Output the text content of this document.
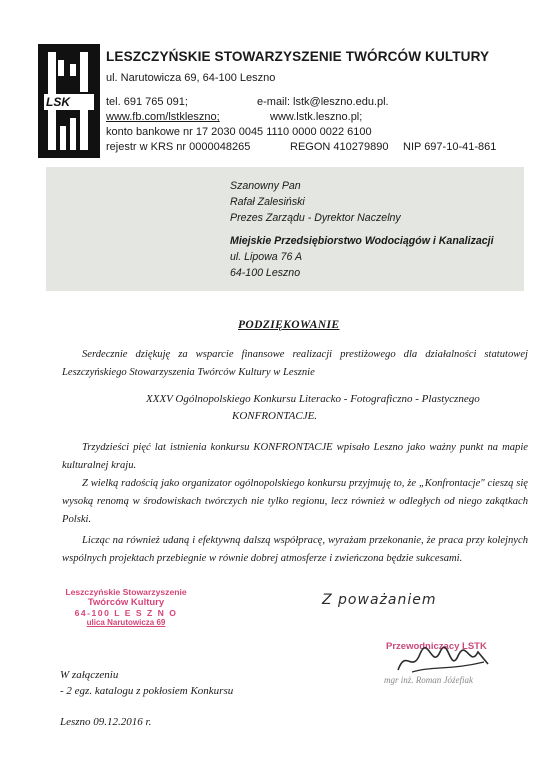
LSK
LESZCZYŃSKIE STOWARZYSZENIE TWÓRCÓW KULTURY
ul. Narutowicza 69, 64-100 Leszno
tel. 691 765 091;	e-mail: lstk@leszno.edu.pl.
www.fb.com/lstkleszno;	www.lstk.leszno.pl;
konto bankowe nr 17 2030 0045 1110 0000 0022 6100
rejestr w KRS nr 0000048265	REGON 410279890 NIP 697-10-41-861
Szanowny Pan
Rafał Zalesiński
Prezes Zarządu - Dyrektor Naczelny
Miejskie Przedsiębiorstwo Wodociągów i Kanalizacji
ul. Lipowa 76 A
64-100 Leszno
PODZIĘKOWANIE
Serdecznie dziękuję za wsparcie finansowe realizacji prestiżowego dla działalności statutowej Leszczyńskiego Stowarzyszenia Twórców Kultury w Lesznie
XXXV Ogólnopolskiego Konkursu Literacko - Fotograficzno - Plastycznego
KONFRONTACJE.
Trzydzieści pięć lat istnienia konkursu KONFRONTACJE wpisało Leszno jako ważny punkt na mapie kulturalnej kraju.
Z wielką radością jako organizator ogólnopolskiego konkursu przyjmuję to, że „Konfrontacje" cieszą się wysoką renomą w środowiskach twórczych nie tylko regionu, lecz również w odległych od niego zakątkach Polski.
Licząc na również udaną i efektywną dalszą współpracę, wyrażam przekonanie, że praca przy kolejnych wspólnych projektach przebiegnie w równie dobrej atmosferze i zwieńczona będzie sukcesami.
Leszczyńskie Stowarzyszenie
Twórców Kultury
64-100 L E S Z N O
ulica Narutowicza 69
Z poważaniem
Przewodniczący LSTK
mgr inż. Roman Jóźefiak
W załączeniu
- 2 egz. katalogu z pokłosiem Konkursu
Leszno 09.12.2016 r.
